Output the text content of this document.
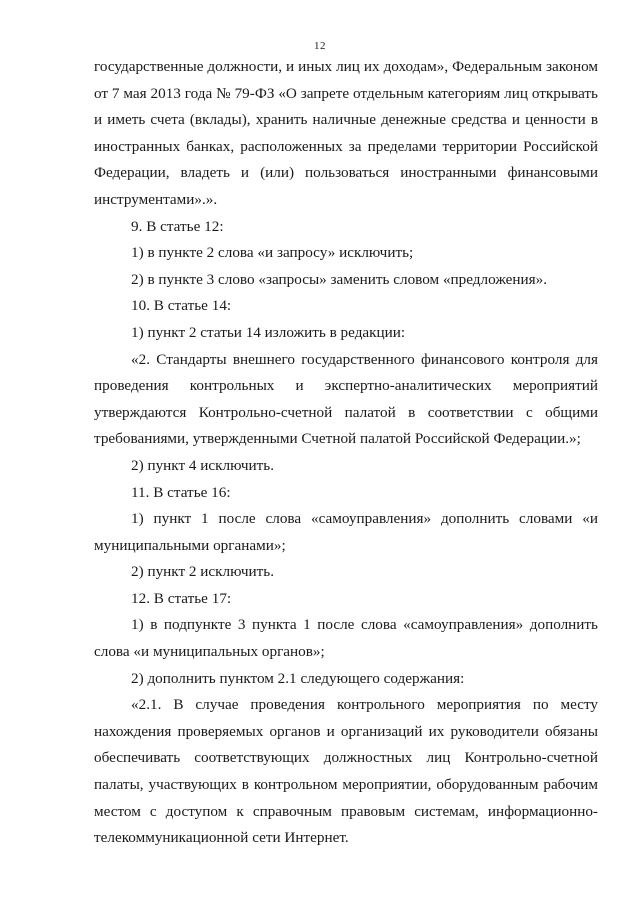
12

государственные должности, и иных лиц их доходам», Федеральным законом от 7 мая 2013 года № 79-ФЗ «О запрете отдельным категориям лиц открывать и иметь счета (вклады), хранить наличные денежные средства и ценности в иностранных банках, расположенных за пределами территории Российской Федерации, владеть и (или) пользоваться иностранными финансовыми инструментами».».

9. В статье 12:

1) в пункте 2 слова «и запросу» исключить;

2) в пункте 3 слово «запросы» заменить словом «предложения».

10. В статье 14:

1) пункт 2 статьи 14 изложить в редакции:

«2. Стандарты внешнего государственного финансового контроля для проведения контрольных и экспертно-аналитических мероприятий утверждаются Контрольно-счетной палатой в соответствии с общими требованиями, утвержденными Счетной палатой Российской Федерации.»;

2) пункт 4 исключить.

11. В статье 16:

1) пункт 1 после слова «самоуправления» дополнить словами «и муниципальными органами»;

2) пункт 2 исключить.

12. В статье 17:

1) в подпункте 3 пункта 1 после слова «самоуправления» дополнить слова «и муниципальных органов»;

2) дополнить пунктом 2.1 следующего содержания:

«2.1. В случае проведения контрольного мероприятия по месту нахождения проверяемых органов и организаций их руководители обязаны обеспечивать соответствующих должностных лиц Контрольно-счетной палаты, участвующих в контрольном мероприятии, оборудованным рабочим местом с доступом к справочным правовым системам, информационно-телекоммуникационной сети Интернет.
